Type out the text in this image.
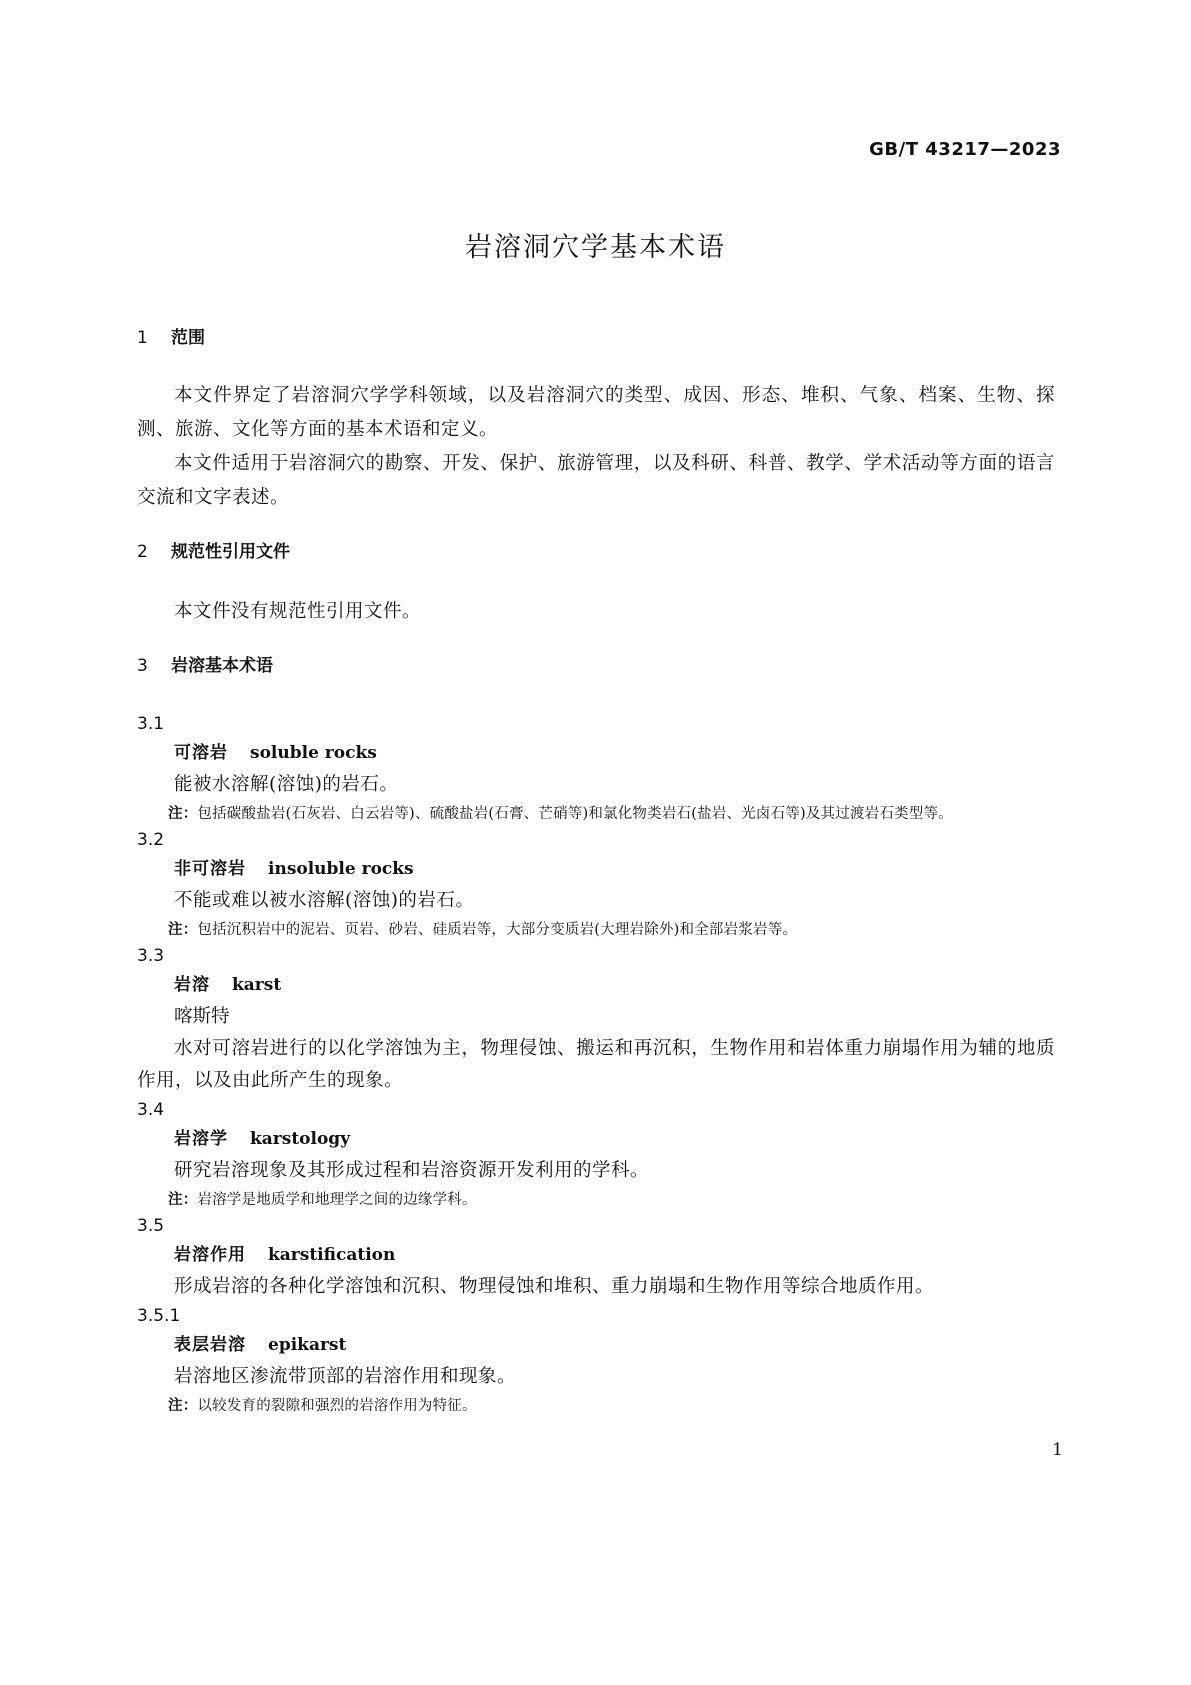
GB/T 43217—2023
岩溶洞穴学基本术语
1 范围

本文件界定了岩溶洞穴学学科领域，以及岩溶洞穴的类型、成因、形态、堆积、气象、档案、生物、探测、旅游、文化等方面的基本术语和定义。

本文件适用于岩溶洞穴的勘察、开发、保护、旅游管理，以及科研、科普、教学、学术活动等方面的语言交流和文字表述。

2 规范性引用文件

本文件没有规范性引用文件。

3 岩溶基本术语
3.1
可溶岩 soluble rocks
能被水溶解(溶蚀)的岩石。
注：包括碳酸盐岩(石灰岩、白云岩等)、硫酸盐岩(石膏、芒硝等)和氯化物类岩石(盐岩、光卤石等)及其过渡岩石类型等。
3.2
非可溶岩 insoluble rocks
不能或难以被水溶解(溶蚀)的岩石。
注：包括沉积岩中的泥岩、页岩、砂岩、硅质岩等，大部分变质岩(大理岩除外)和全部岩浆岩等。
3.3
岩溶 karst
喀斯特
水对可溶岩进行的以化学溶蚀为主，物理侵蚀、搬运和再沉积，生物作用和岩体重力崩塌作用为辅的地质作用，以及由此所产生的现象。
3.4
岩溶学 karstology
研究岩溶现象及其形成过程和岩溶资源开发利用的学科。
注：岩溶学是地质学和地理学之间的边缘学科。
3.5
岩溶作用 karstification
形成岩溶的各种化学溶蚀和沉积、物理侵蚀和堆积、重力崩塌和生物作用等综合地质作用。
3.5.1
表层岩溶 epikarst
岩溶地区渗流带顶部的岩溶作用和现象。
注：以较发育的裂隙和强烈的岩溶作用为特征。
1
